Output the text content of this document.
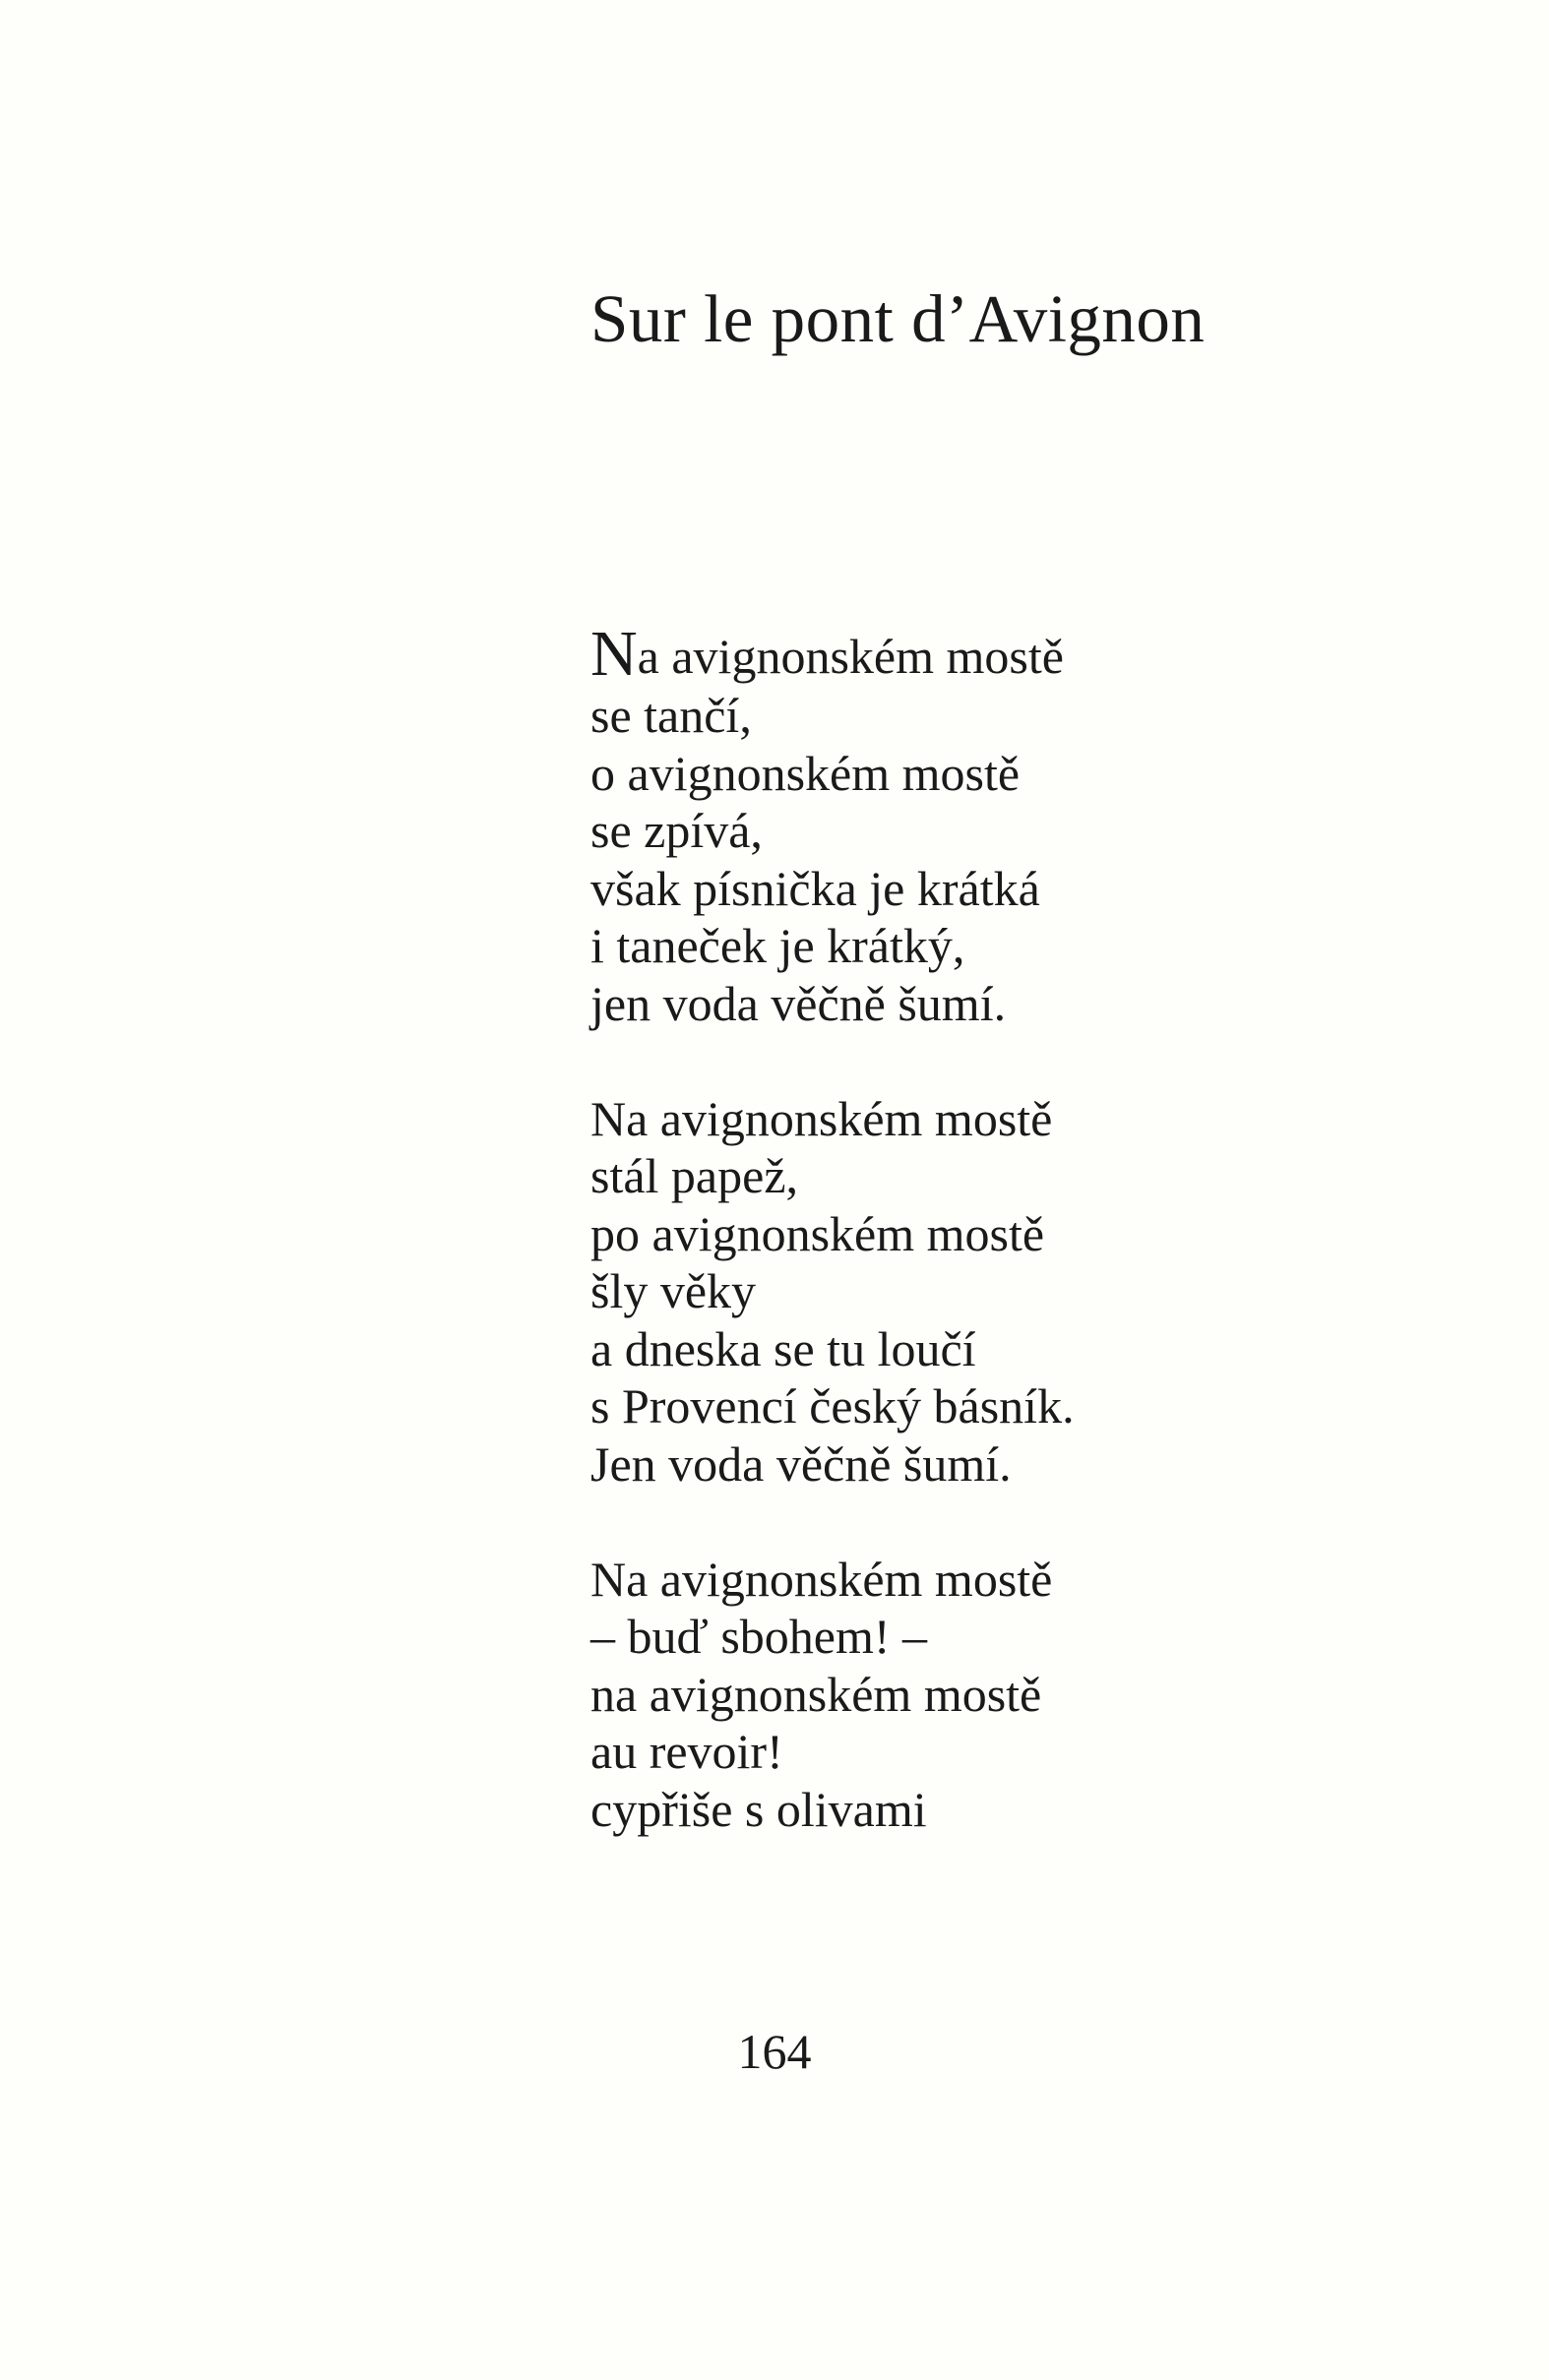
Sur le pont d’Avignon

Na avignonském mostě
se tančí,
o avignonském mostě
se zpívá,
však písnička je krátká
i taneček je krátký,
jen voda věčně šumí.

Na avignonském mostě
stál papež,
po avignonském mostě
šly věky
a dneska se tu loučí
s Provencí český básník.
Jen voda věčně šumí.

Na avignonském mostě
– buď sbohem! –
na avignonském mostě
au revoir!
cypřiše s olivami

164
